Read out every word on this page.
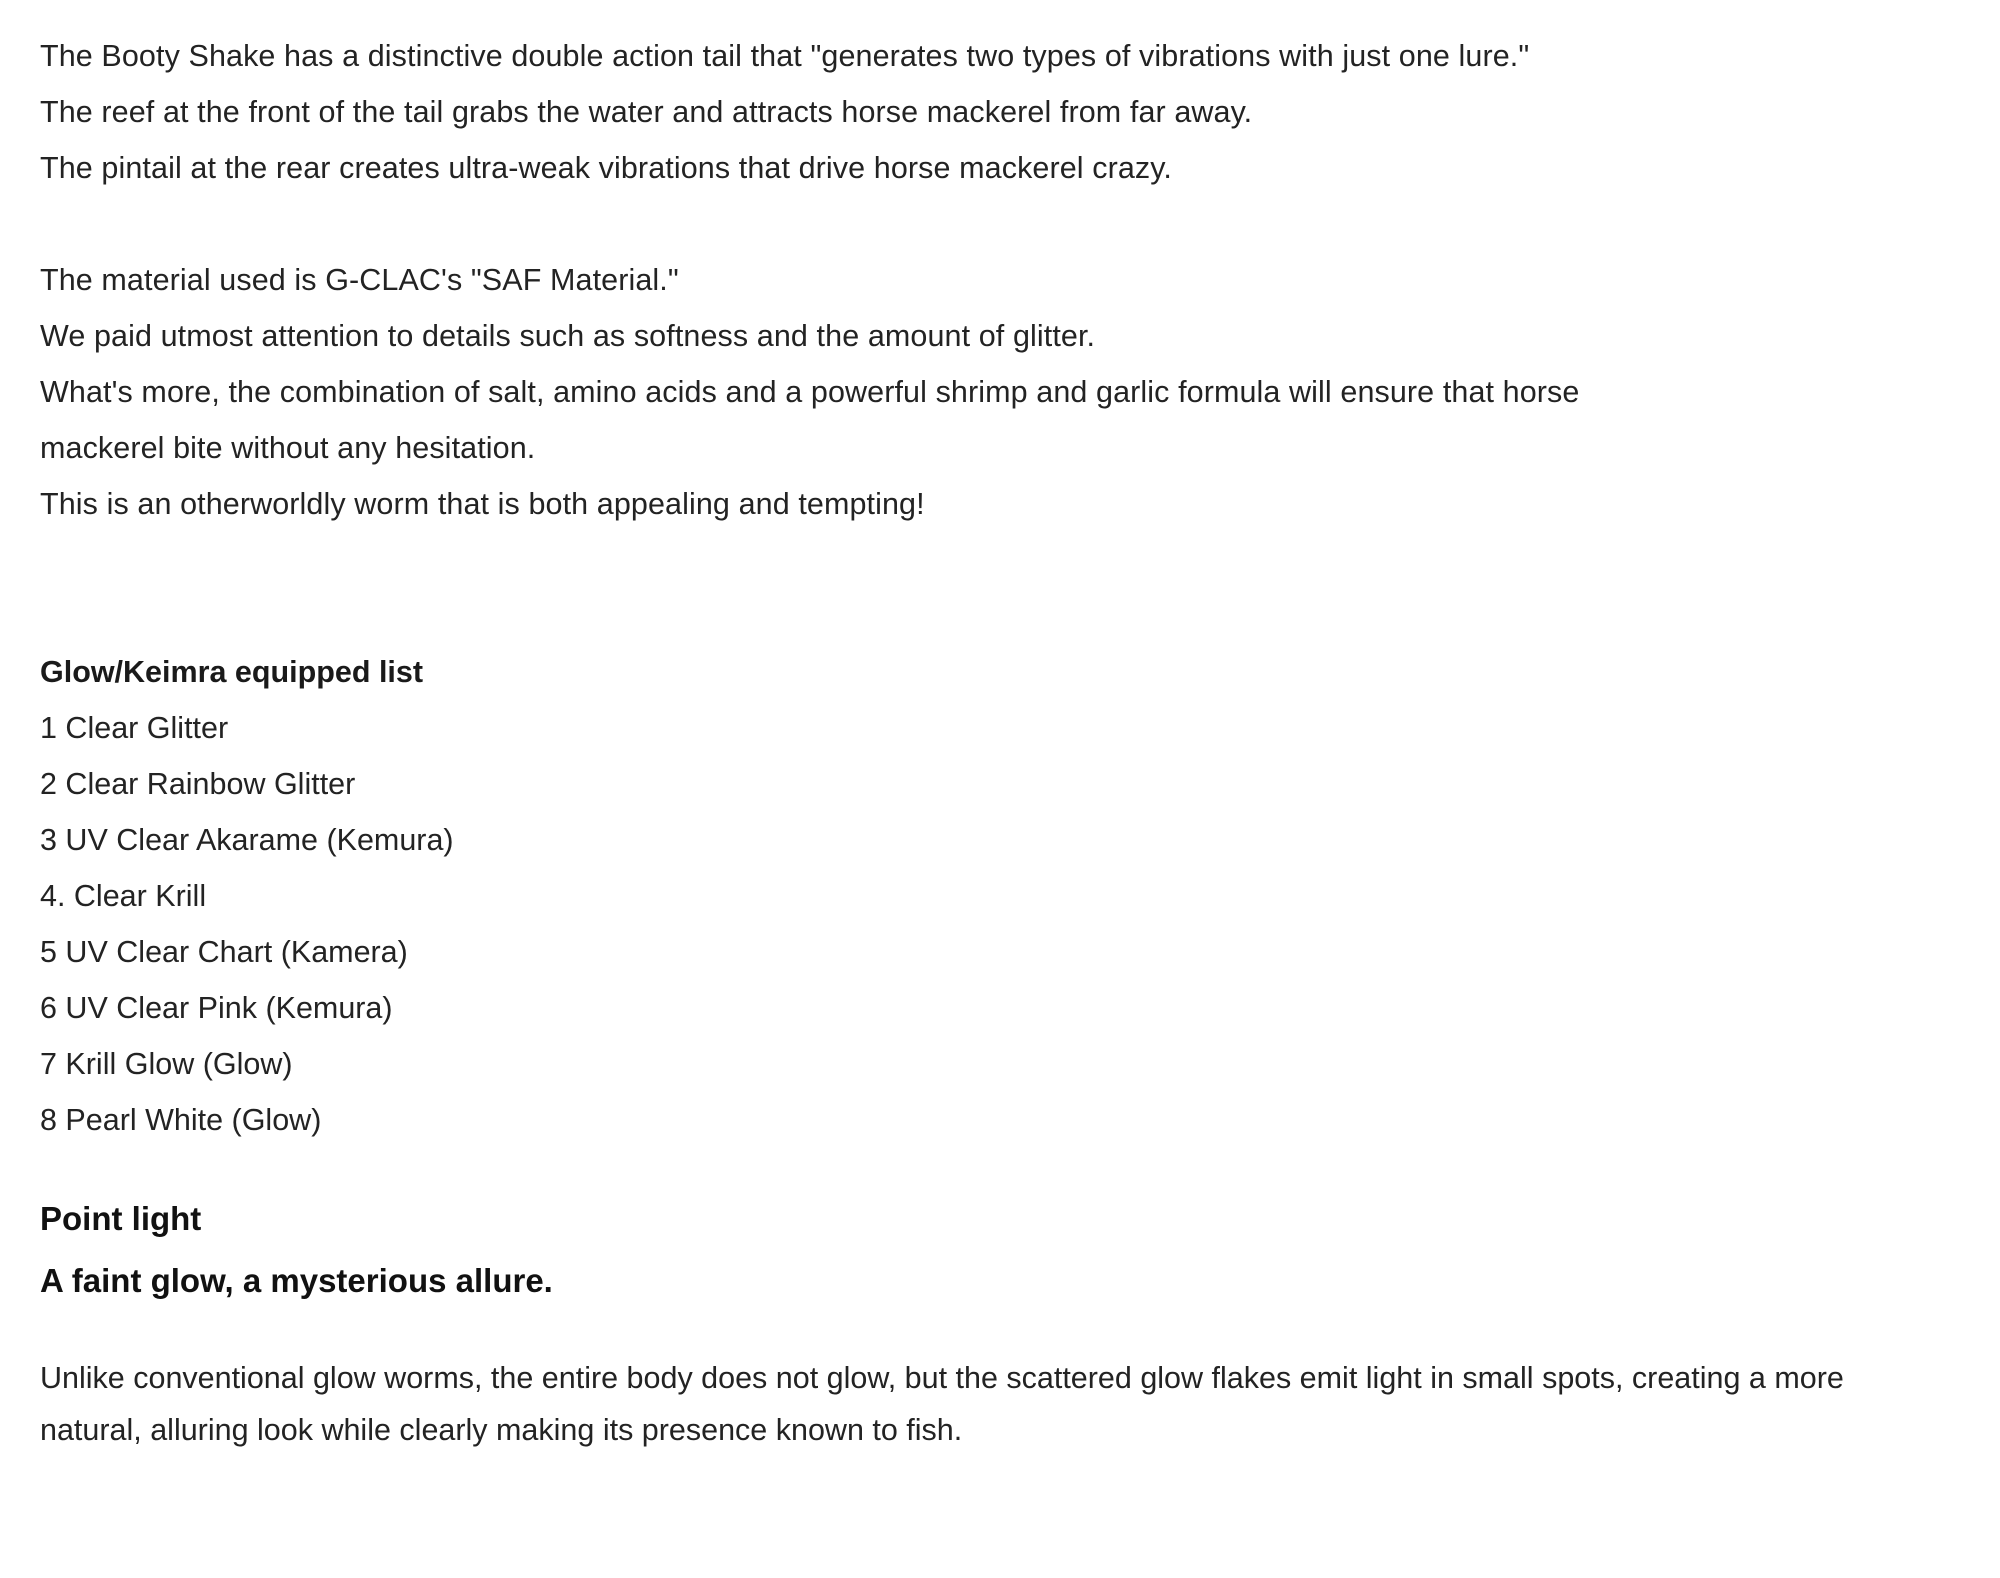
The Booty Shake has a distinctive double action tail that "generates two types of vibrations with just one lure."
The reef at the front of the tail grabs the water and attracts horse mackerel from far away.
The pintail at the rear creates ultra-weak vibrations that drive horse mackerel crazy.

The material used is G-CLAC's "SAF Material."
We paid utmost attention to details such as softness and the amount of glitter.
What's more, the combination of salt, amino acids and a powerful shrimp and garlic formula will ensure that horse
mackerel bite without any hesitation.
This is an otherworldly worm that is both appealing and tempting!

Glow/Keimra equipped list
1 Clear Glitter
2 Clear Rainbow Glitter
3 UV Clear Akarame (Kemura)
4. Clear Krill
5 UV Clear Chart (Kamera)
6 UV Clear Pink (Kemura)
7 Krill Glow (Glow)
8 Pearl White (Glow)
Point light
A faint glow, a mysterious allure.

Unlike conventional glow worms, the entire body does not glow, but the scattered glow flakes emit light in small spots, creating a more natural, alluring look while clearly making its presence known to fish.
